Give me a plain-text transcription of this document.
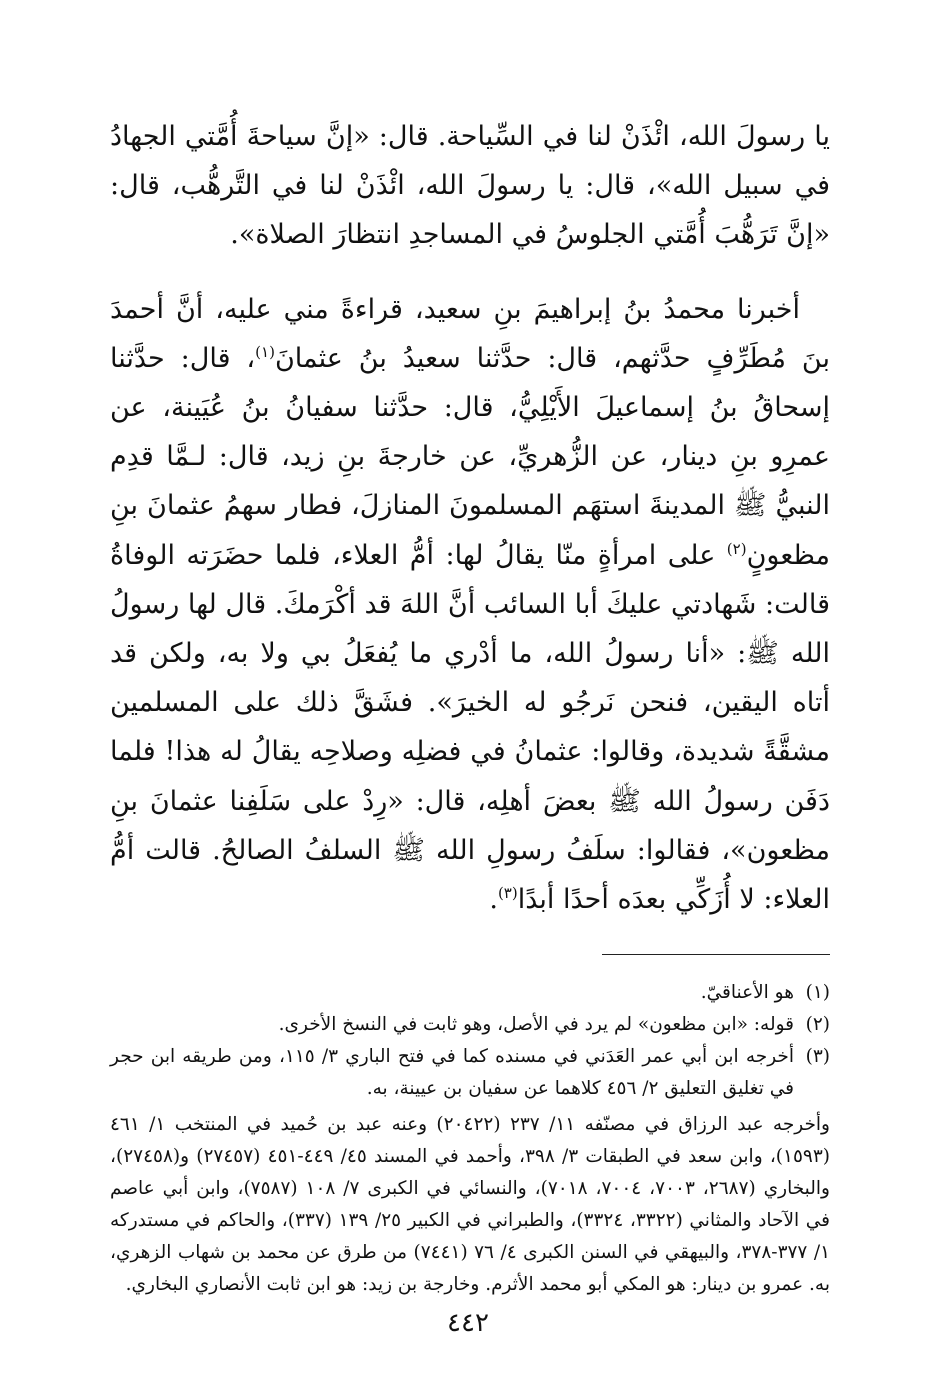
يا رسولَ الله، ائْذَنْ لنا في السِّياحة. قال: «إنَّ سياحةَ أُمَّتي الجهادُ في سبيل الله»، قال: يا رسولَ الله، ائْذَنْ لنا في التَّرهُّب، قال: «إنَّ تَرَهُّبَ أُمَّتي الجلوسُ في المساجدِ انتظارَ الصلاة».

أخبرنا محمدُ بنُ إبراهيمَ بنِ سعيد، قراءةً مني عليه، أنَّ أحمدَ بنَ مُطَرِّفٍ حدَّثهم، قال: حدَّثنا سعيدُ بنُ عثمانَ$^{(١)}$، قال: حدَّثنا إسحاقُ بنُ إسماعيلَ الأَيْلِيُّ، قال: حدَّثنا سفيانُ بنُ عُيَينة، عن عمرِو بنِ دينار، عن الزُّهريِّ، عن خارجةَ بنِ زيد، قال: لـمَّا قدِم النبيُّ ﷺ المدينةَ استهَم المسلمونَ المنازلَ، فطار سهمُ عثمانَ بنِ مظعونٍ$^{(٢)}$ على امرأةٍ منّا يقالُ لها: أمُّ العلاء، فلما حضَرَته الوفاةُ قالت: شَهادتي عليكَ أبا السائب أنَّ اللهَ قد أكْرَمكَ. قال لها رسولُ الله ﷺ: «أنا رسولُ الله، ما أدْري ما يُفعَلُ بي ولا به، ولكن قد أتاه اليقين، فنحن نَرجُو له الخيرَ». فشَقَّ ذلك على المسلمين مشقَّةً شديدة، وقالوا: عثمانُ في فضلِه وصلاحِه يقالُ له هذا! فلما دَفَن رسولُ الله ﷺ بعضَ أهلِه، قال: «رِدْ على سَلَفِنا عثمانَ بنِ مظعون»، فقالوا: سلَفُ رسولِ الله ﷺ السلفُ الصالحُ. قالت أمُّ العلاء: لا أُزَكِّي بعدَه أحدًا أبدًا$^{(٣)}$.

(١)
هو الأعناقيّ.
(٢)
قوله: «ابن مظعون» لم يرد في الأصل، وهو ثابت في النسخ الأخرى.
(٣)
أخرجه ابن أبي عمر العَدَني في مسنده كما في فتح الباري ٣/ ١١٥، ومن طريقه ابن حجر في تغليق التعليق ٢/ ٤٥٦ كلاهما عن سفيان بن عيينة، به.

وأخرجه عبد الرزاق في مصنّفه ١١/ ٢٣٧ (٢٠٤٢٢) وعنه عبد بن حُميد في المنتخب ١/ ٤٦١ (١٥٩٣)، وابن سعد في الطبقات ٣/ ٣٩٨، وأحمد في المسند ٤٥/ ٤٤٩-٤٥١ (٢٧٤٥٧) و(٢٧٤٥٨)، والبخاري (٢٦٨٧، ٧٠٠٣، ٧٠٠٤، ٧٠١٨)، والنسائي في الكبرى ٧/ ١٠٨ (٧٥٨٧)، وابن أبي عاصم في الآحاد والمثاني (٣٣٢٢، ٣٣٢٤)، والطبراني في الكبير ٢٥/ ١٣٩ (٣٣٧)، والحاكم في مستدركه ١/ ٣٧٧-٣٧٨، والبيهقي في السنن الكبرى ٤/ ٧٦ (٧٤٤١) من طرق عن محمد بن شهاب الزهري، به. عمرو بن دينار: هو المكي أبو محمد الأثرم. وخارجة بن زيد: هو ابن ثابت الأنصاري البخاري.

٤٤٢
